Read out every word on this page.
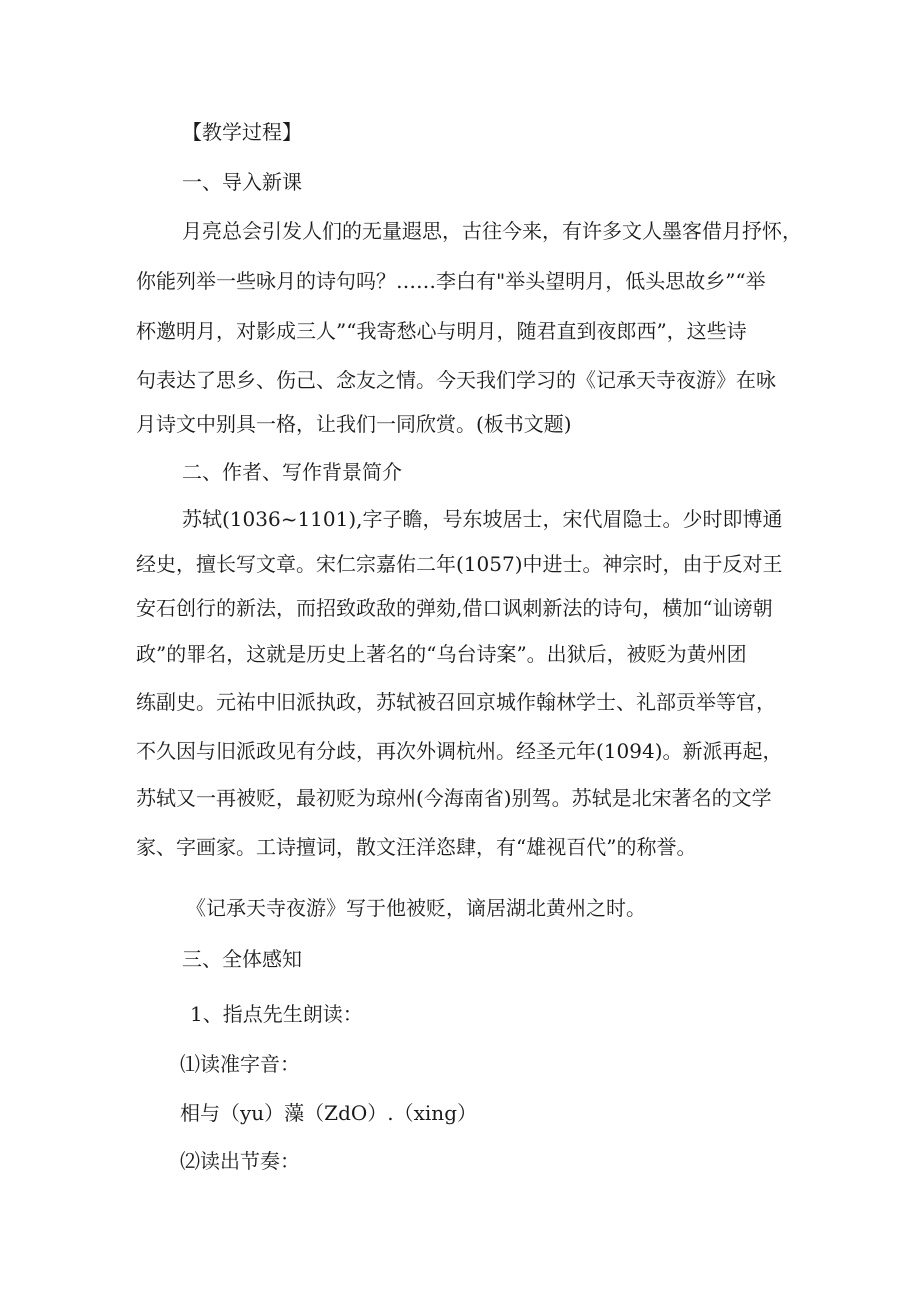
【教学过程】

一、导入新课

月亮总会引发人们的无量遐思，古往今来，有许多文人墨客借月抒怀，

你能列举一些咏月的诗句吗？……李白有"举头望明月，低头思故乡”“举

杯邀明月，对影成三人”“我寄愁心与明月，随君直到夜郎西”，这些诗

句表达了思乡、伤己、念友之情。今天我们学习的《记承天寺夜游》在咏

月诗文中别具一格，让我们一同欣赏。(板书文题)

二、作者、写作背景简介

苏轼(1036~1101),字子瞻，号东坡居士，宋代眉隐士。少时即博通

经史，擅长写文章。宋仁宗嘉佑二年(1057)中进士。神宗时，由于反对王

安石创行的新法，而招致政敌的弹劾,借口讽刺新法的诗句，横加“讪谤朝

政”的罪名，这就是历史上著名的“乌台诗案”。出狱后，被贬为黄州团

练副史。元祐中旧派执政，苏轼被召回京城作翰林学士、礼部贡举等官，

不久因与旧派政见有分歧，再次外调杭州。经圣元年(1094)。新派再起，

苏轼又一再被贬，最初贬为琼州(今海南省)别驾。苏轼是北宋著名的文学

家、字画家。工诗擅词，散文汪洋恣肆，有“雄视百代”的称誉。

《记承天寺夜游》写于他被贬，谪居湖北黄州之时。

三、全体感知

1、指点先生朗读：

⑴读准字音：

相与（yu）藻（ZdO）.（xing）

⑵读出节奏：
